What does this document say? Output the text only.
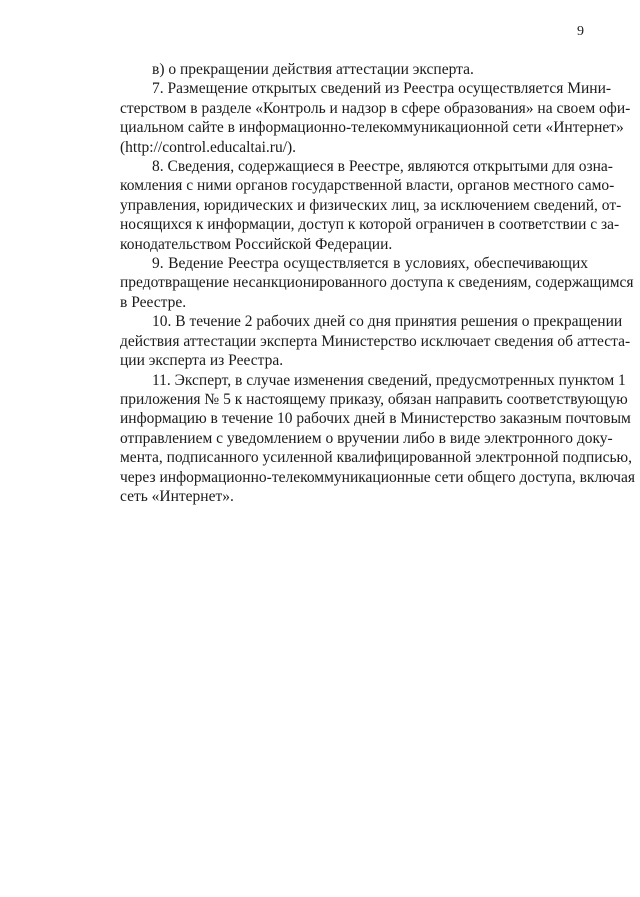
9
в) о прекращении действия аттестации эксперта.
7. Размещение открытых сведений из Реестра осуществляется Мини-
стерством в разделе «Контроль и надзор в сфере образования» на своем офи-
циальном сайте в информационно-телекоммуникационной сети «Интернет»
(http://control.educaltai.ru/).
8. Сведения, содержащиеся в Реестре, являются открытыми для озна-
комления с ними органов государственной власти, органов местного само-
управления, юридических и физических лиц, за исключением сведений, от-
носящихся к информации, доступ к которой ограничен в соответствии с за-
конодательством Российской Федерации.
9. Ведение Реестра осуществляется в условиях, обеспечивающих
предотвращение несанкционированного доступа к сведениям, содержащимся
в Реестре.
10. В течение 2 рабочих дней со дня принятия решения о прекращении
действия аттестации эксперта Министерство исключает сведения об аттеста-
ции эксперта из Реестра.
11. Эксперт, в случае изменения сведений, предусмотренных пунктом 1
приложения № 5 к настоящему приказу, обязан направить соответствующую
информацию в течение 10 рабочих дней в Министерство заказным почтовым
отправлением с уведомлением о вручении либо в виде электронного доку-
мента, подписанного усиленной квалифицированной электронной подписью,
через информационно-телекоммуникационные сети общего доступа, включая
сеть «Интернет».
